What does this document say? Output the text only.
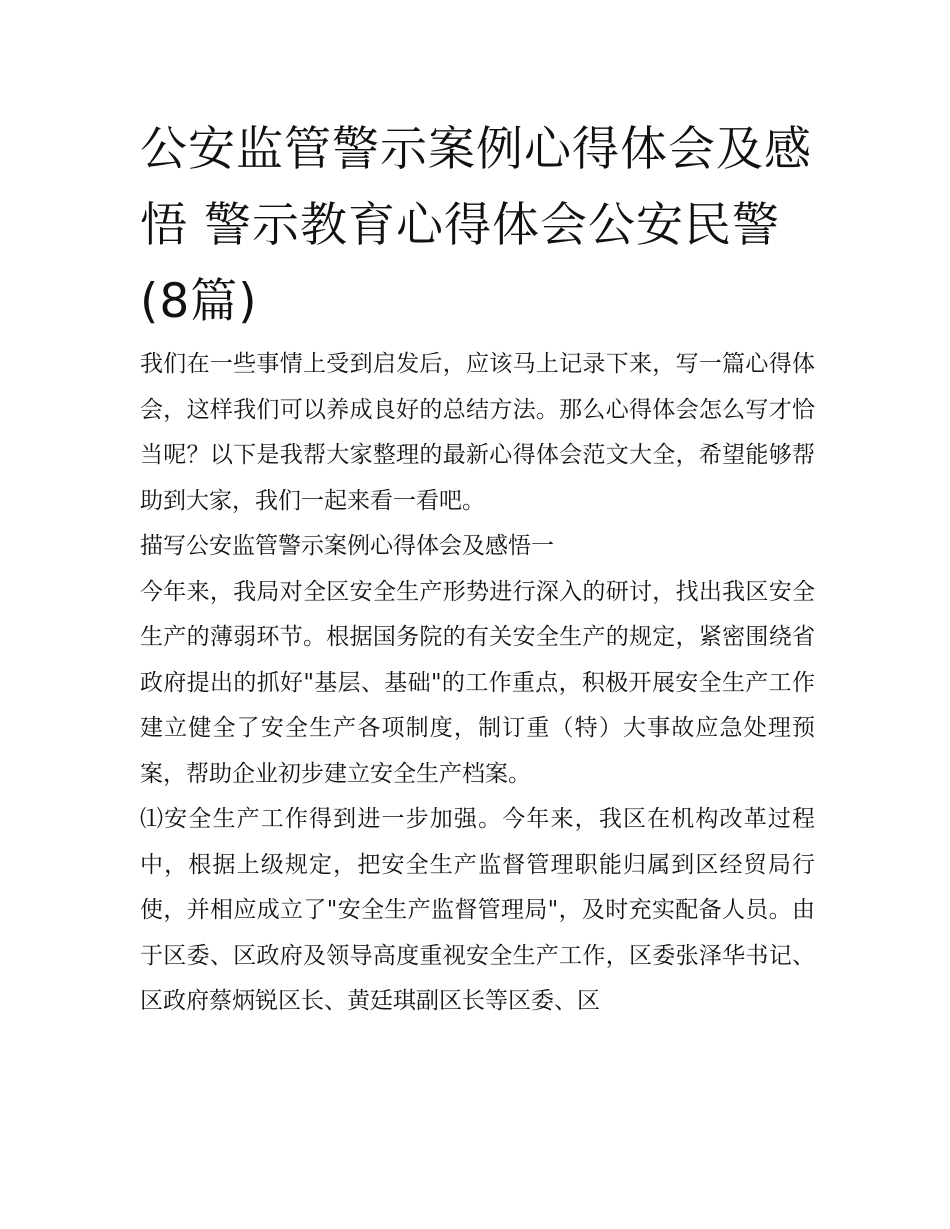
公安监管警示案例心得体会及感悟 警示教育心得体会公安民警(8篇)

我们在一些事情上受到启发后，应该马上记录下来，写一篇心得体会，这样我们可以养成良好的总结方法。那么心得体会怎么写才恰当呢？以下是我帮大家整理的最新心得体会范文大全，希望能够帮助到大家，我们一起来看一看吧。

描写公安监管警示案例心得体会及感悟一

今年来，我局对全区安全生产形势进行深入的研讨，找出我区安全生产的薄弱环节。根据国务院的有关安全生产的规定，紧密围绕省政府提出的抓好"基层、基础"的工作重点，积极开展安全生产工作建立健全了安全生产各项制度，制订重（特）大事故应急处理预案，帮助企业初步建立安全生产档案。

⑴安全生产工作得到进一步加强。今年来，我区在机构改革过程中，根据上级规定，把安全生产监督管理职能归属到区经贸局行使，并相应成立了"安全生产监督管理局"，及时充实配备人员。由于区委、区政府及领导高度重视安全生产工作，区委张泽华书记、区政府蔡炳锐区长、黄廷琪副区长等区委、区
